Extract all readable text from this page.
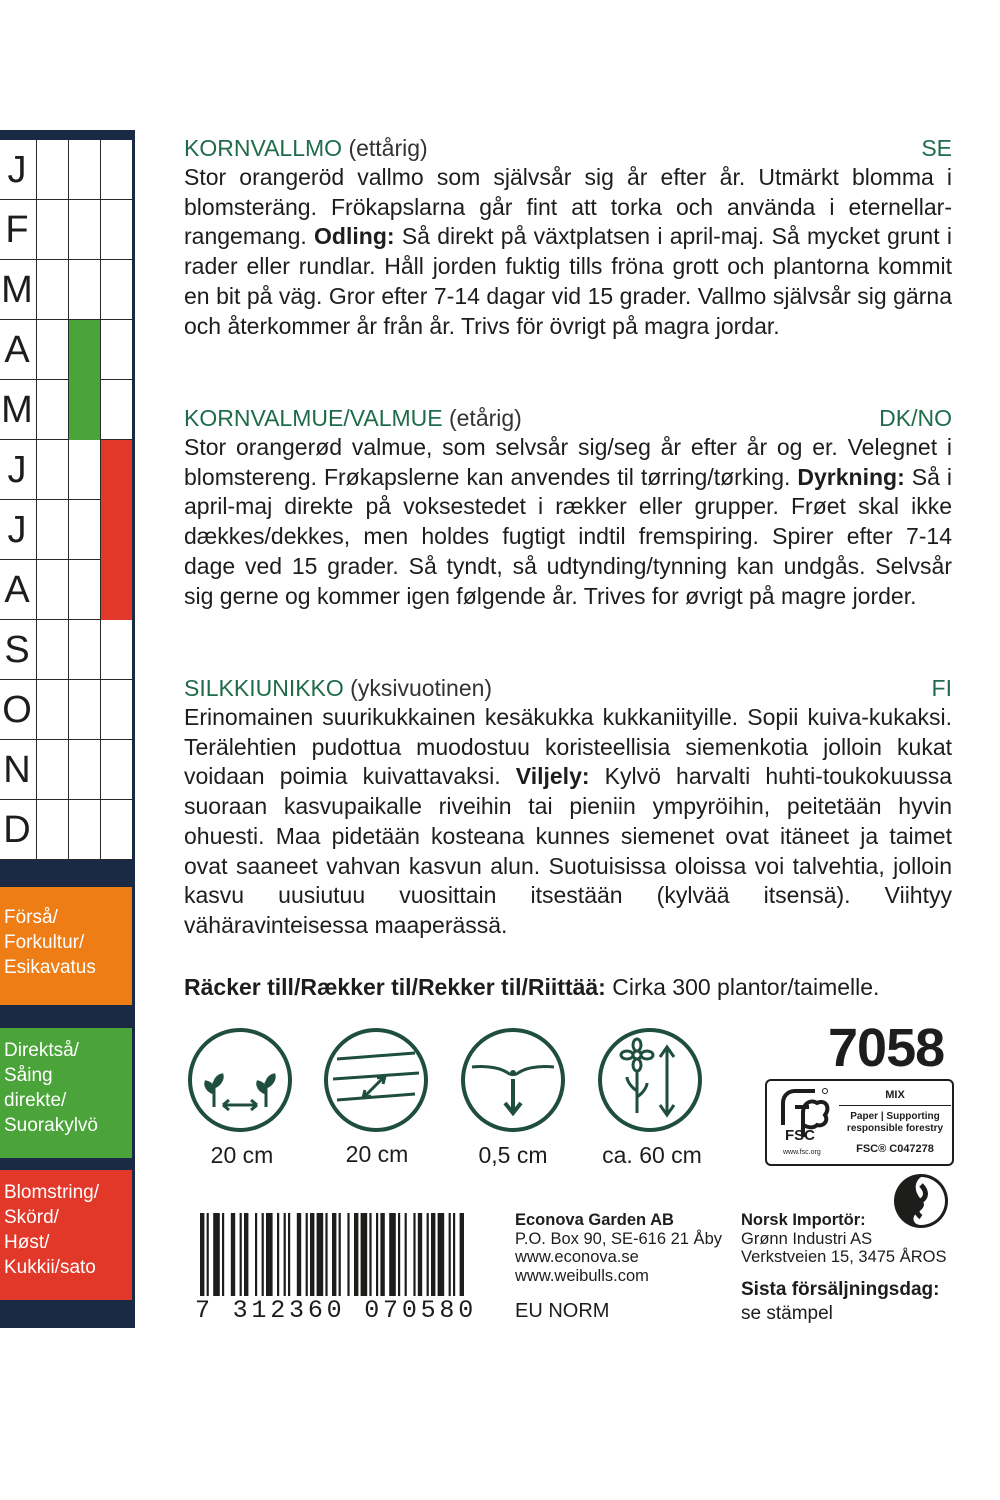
J
F
M
A
M
J
J
A
S
O
N
D
Förså/
Forkultur/
Esikavatus
Direktså/
Såing
direkte/
Suorakylvö
Blomstring/
Skörd/
Høst/
Kukkii/sato
KORNVALLMO (ettårig)	SE
Stor orangeröd vallmo som självsår sig år efter år. Utmärkt blomma i blomsteräng. Frökapslarna går fint att torka och använda i eternellar-rangemang. Odling: Så direkt på växtplatsen i april-maj. Så mycket grunt i rader eller rundlar. Håll jorden fuktig tills fröna grott och plantorna kommit en bit på väg. Gror efter 7-14 dagar vid 15 grader. Vallmo självsår sig gärna och återkommer år från år. Trivs för övrigt på magra jordar.
KORNVALMUE/VALMUE (etårig)	DK/NO
Stor orangerød valmue, som selvsår sig/seg år efter år og er. Velegnet i blomstereng. Frøkapslerne kan anvendes til tørring/tørking. Dyrkning: Så i april-maj direkte på voksestedet i rækker eller grupper. Frøet skal ikke dækkes/dekkes, men holdes fugtigt indtil fremspiring. Spirer efter 7-14 dage ved 15 grader. Så tyndt, så udtynding/tynning kan undgås. Selvsår sig gerne og kommer igen følgende år. Trives for øvrigt på magre jorder.
SILKKIUNIKKO (yksivuotinen)	FI
Erinomainen suurikukkainen kesäkukka kukkaniityille. Sopii kuiva-kukaksi. Terälehtien pudottua muodostuu koristeellisia siemenkotia jolloin kukat voidaan poimia kuivattavaksi. Viljely: Kylvö harvalti huhti-toukokuussa suoraan kasvupaikalle riveihin tai pieniin ympyröihin, peitetään hyvin ohuesti. Maa pidetään kosteana kunnes siemenet ovat itäneet ja taimet ovat saaneet vahvan kasvun alun. Suotuisissa oloissa voi talvehtia, jolloin kasvu uusiutuu vuosittain itsestään (kylvää itsensä). Viihtyy vähäravinteisessa maaperässä.
Räcker till/Rækker til/Rekker til/Riittää: Cirka 300 plantor/taimelle.
20 cm	20 cm	0,5 cm	ca. 60 cm
7058
FSC
www.fsc.org
MIX
Paper | Supporting
responsible forestry
FSC® C047278
7 312360 070580
Econova Garden AB
P.O. Box 90, SE-616 21 Åby
www.econova.se
www.weibulls.com
EU NORM
Norsk Importör:
Grønn Industri AS
Verkstveien 15, 3475 ÅROS
Sista försäljningsdag:
se stämpel
